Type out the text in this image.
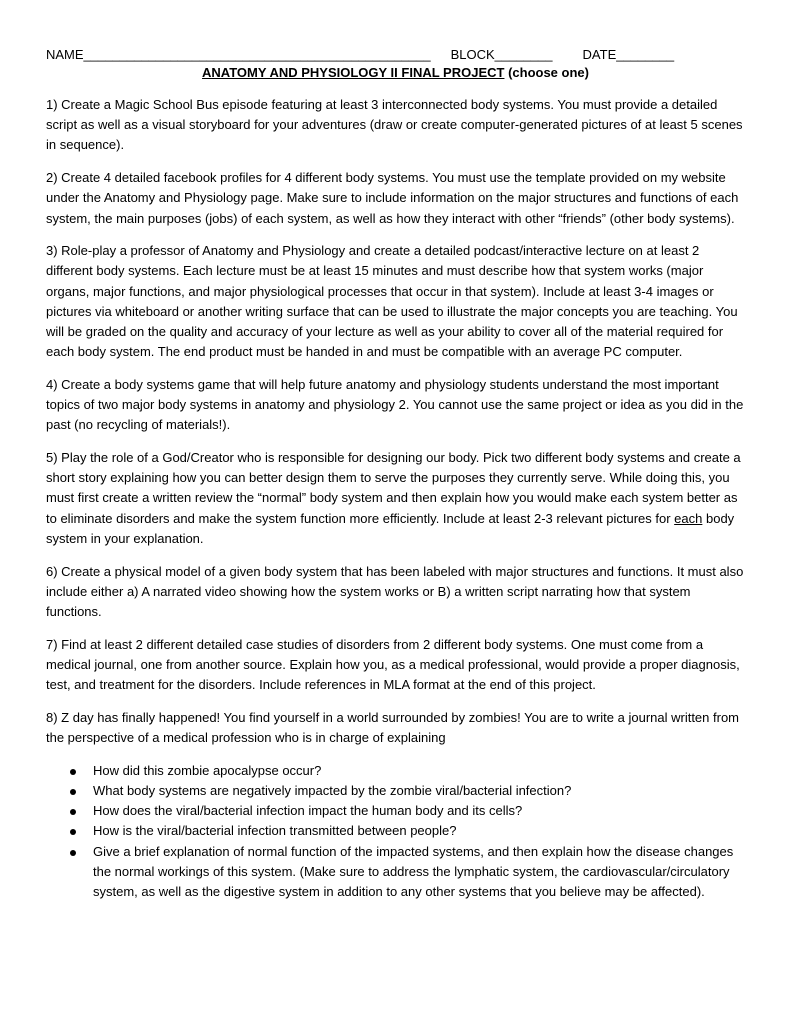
NAME________________________________________________ BLOCK________ DATE________
ANATOMY AND PHYSIOLOGY II FINAL PROJECT (choose one)

1) Create a Magic School Bus episode featuring at least 3 interconnected body systems. You must provide a detailed script as well as a visual storyboard for your adventures (draw or create computer-generated pictures of at least 5 scenes in sequence).

2) Create 4 detailed facebook profiles for 4 different body systems. You must use the template provided on my website under the Anatomy and Physiology page. Make sure to include information on the major structures and functions of each system, the main purposes (jobs) of each system, as well as how they interact with other “friends” (other body systems).

3) Role-play a professor of Anatomy and Physiology and create a detailed podcast/interactive lecture on at least 2 different body systems. Each lecture must be at least 15 minutes and must describe how that system works (major organs, major functions, and major physiological processes that occur in that system). Include at least 3-4 images or pictures via whiteboard or another writing surface that can be used to illustrate the major concepts you are teaching. You will be graded on the quality and accuracy of your lecture as well as your ability to cover all of the material required for each body system. The end product must be handed in and must be compatible with an average PC computer.

4) Create a body systems game that will help future anatomy and physiology students understand the most important topics of two major body systems in anatomy and physiology 2. You cannot use the same project or idea as you did in the past (no recycling of materials!).

5) Play the role of a God/Creator who is responsible for designing our body. Pick two different body systems and create a short story explaining how you can better design them to serve the purposes they currently serve. While doing this, you must first create a written review the “normal” body system and then explain how you would make each system better as to eliminate disorders and make the system function more efficiently. Include at least 2-3 relevant pictures for each body system in your explanation.

6) Create a physical model of a given body system that has been labeled with major structures and functions. It must also include either a) A narrated video showing how the system works or B) a written script narrating how that system functions.

7) Find at least 2 different detailed case studies of disorders from 2 different body systems. One must come from a medical journal, one from another source. Explain how you, as a medical professional, would provide a proper diagnosis, test, and treatment for the disorders. Include references in MLA format at the end of this project.

8) Z day has finally happened! You find yourself in a world surrounded by zombies! You are to write a journal written from the perspective of a medical profession who is in charge of explaining

How did this zombie apocalypse occur?
What body systems are negatively impacted by the zombie viral/bacterial infection?
How does the viral/bacterial infection impact the human body and its cells?
How is the viral/bacterial infection transmitted between people?
Give a brief explanation of normal function of the impacted systems, and then explain how the disease changes the normal workings of this system. (Make sure to address the lymphatic system, the cardiovascular/circulatory system, as well as the digestive system in addition to any other systems that you believe may be affected).
